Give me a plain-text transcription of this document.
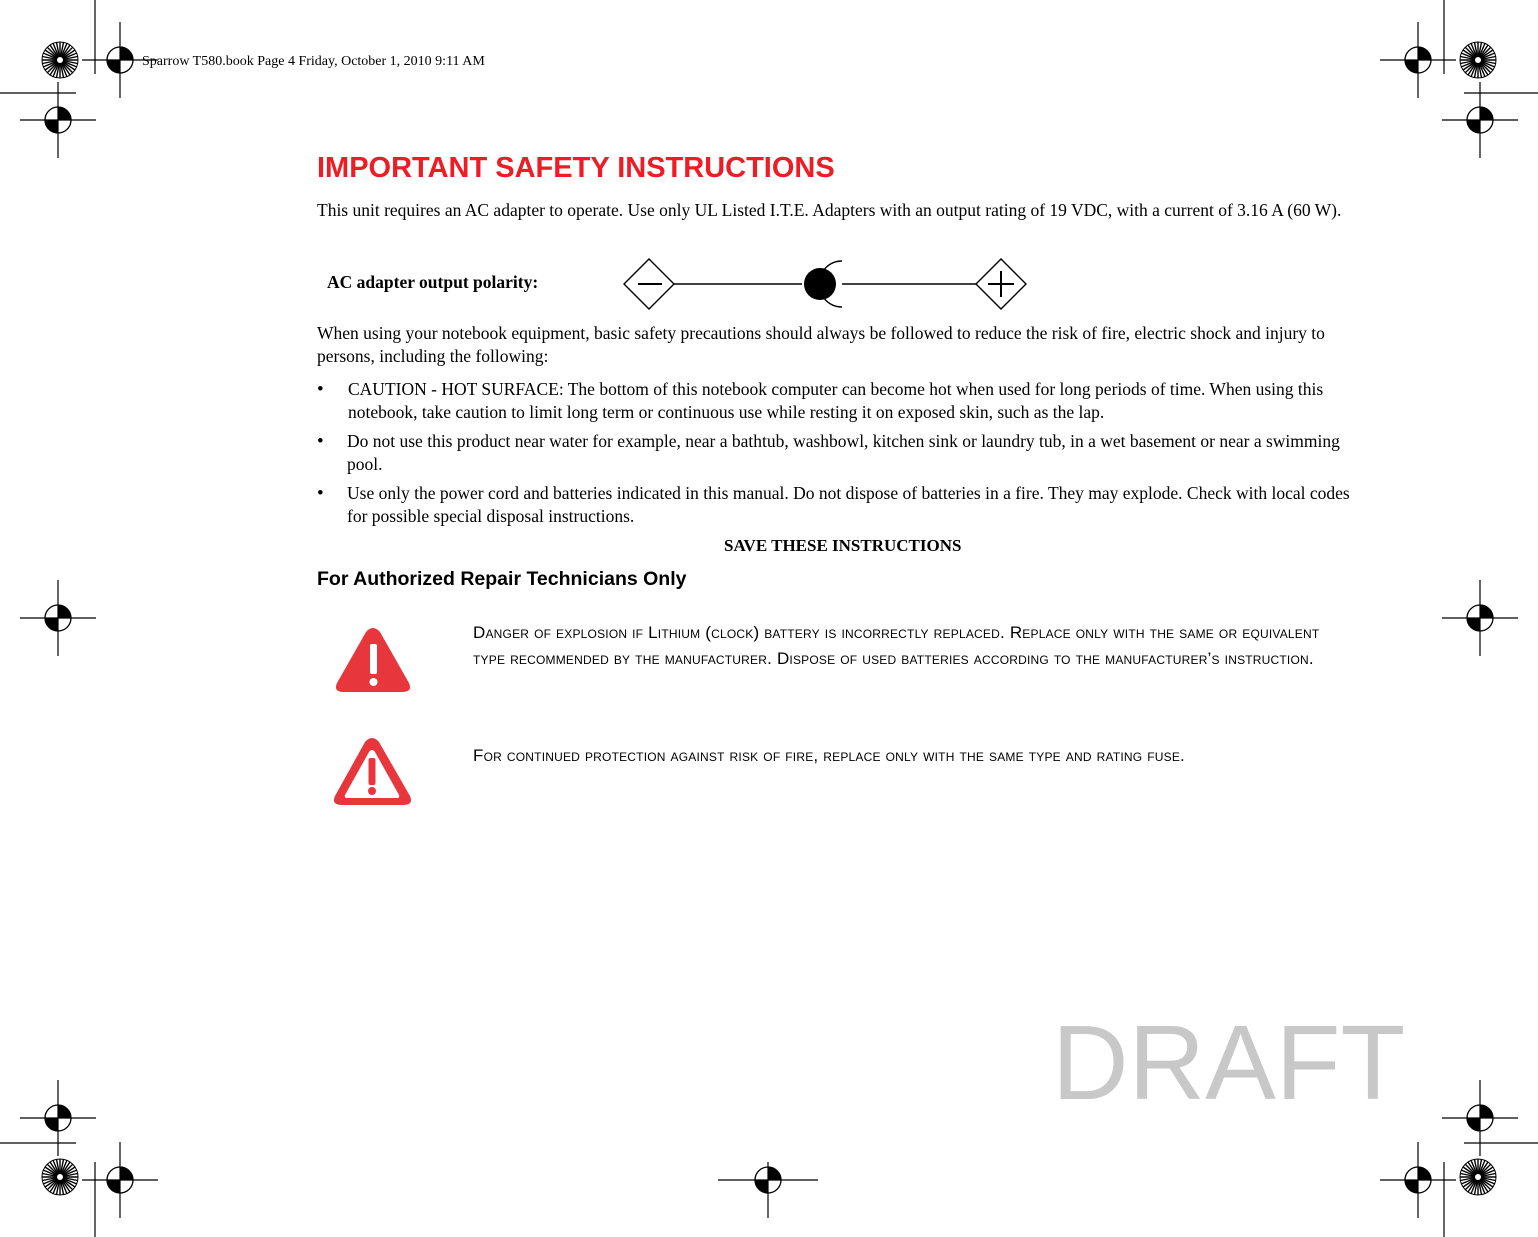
Sparrow T580.book Page 4 Friday, October 1, 2010 9:11 AM
IMPORTANT SAFETY INSTRUCTIONS
This unit requires an AC adapter to operate. Use only UL Listed I.T.E. Adapters with an output rating of 19 VDC, with a current of 3.16 A (60 W).
AC adapter output polarity:
When using your notebook equipment, basic safety precautions should always be followed to reduce the risk of fire, electric shock and injury to persons, including the following:
• CAUTION - HOT SURFACE: The bottom of this notebook computer can become hot when used for long periods of time. When using this notebook, take caution to limit long term or continuous use while resting it on exposed skin, such as the lap.
• Do not use this product near water for example, near a bathtub, washbowl, kitchen sink or laundry tub, in a wet basement or near a swimming pool.
• Use only the power cord and batteries indicated in this manual. Do not dispose of batteries in a fire. They may explode. Check with local codes for possible special disposal instructions.
SAVE THESE INSTRUCTIONS
For Authorized Repair Technicians Only
Danger of explosion if Lithium (clock) battery is incorrectly replaced. Replace only with the same or equivalent type recommended by the manufacturer. Dispose of used batteries according to the manufacturer’s instruction.
For continued protection against risk of fire, replace only with the same type and rating fuse.
DRAFT
